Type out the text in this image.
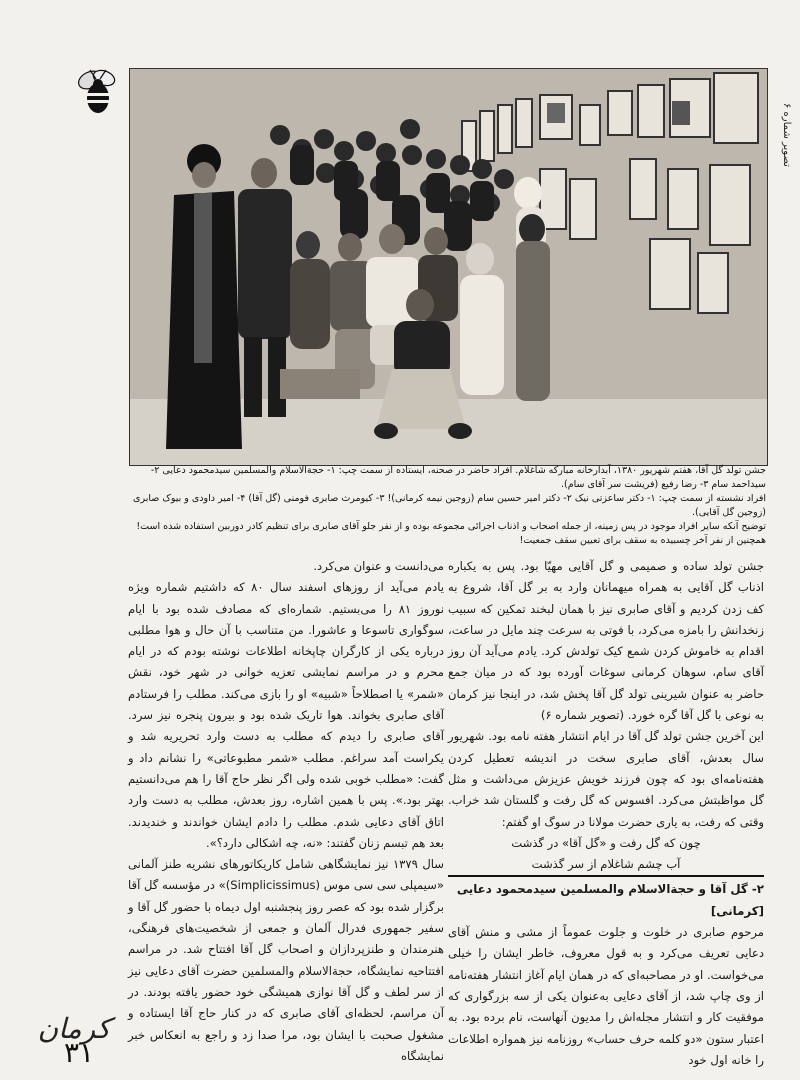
تصویر شماره ۶

جشن تولد گل آقا، هفتم شهریور ۱۳۸۰، آبدارخانه مبارکه شاغلام. افراد حاضر در صحنه، ایستاده از سمت چپ: ۱- حجةالاسلام والمسلمین سیدمحمود دعایی ۲- سیداحمد سام ۳- رضا رفیع (فریشت سر آقای سام).

افراد نشسته از سمت چپ: ۱- دکتر ساعزتی نیک ۲- دکتر امیر حسین سام (زوجین نیمه کرمانی)! ۳- کیومرث صابری فومنی (گل آقا) ۴- امیر داودی و بیوک صابری (زوجین گل آقایی).

توضیح آنکه سایر افراد موجود در پس زمینه، از جمله اصحاب و اذناب اجرائی مجموعه بوده و از نفر جلو آقای صابری برای تنظیم کادر دوربین استفاده شده است! همچنین از نفر آخر چسبیده به سقف برای تعیین سقف جمعیت!

جشن تولد ساده و صمیمی و گل آقایی مهیّا بود. پس به یکباره اذناب گل آقایی به همراه میهمانان وارد به بر گل آقا، شروع به کف زدن کردیم و آقای صابری نیز با همان لبخند تمکین که سبیب زنخدانش را بامزه می‌کرد، با فوتی به سرعت چند مایل در ساعت، اقدام به خاموش کردن شمع کیک تولدش کرد. یادم می‌آید آن روز آقای سام، سوهان کرمانی سوغات آورده بود که در میان جمع حاضر به عنوان شیرینی تولد گل آقا پخش شد، در اینجا نیز کرمان به نوعی با گل آقا گره خورد. (تصویر شماره ۶)

این آخرین جشن تولد گل آقا در ایام انتشار هفته نامه بود. شهریور سال بعدش، آقای صابری سخت در اندیشه تعطیل کردن هفته‌نامه‌ای بود که چون فرزند خویش عزیزش می‌داشت و مثل گل مواظبتش می‌کرد. افسوس که گل رفت و گلستان شد خراب. وقتی که رفت، به یاری حضرت مولانا در سوگ او گفتم:

چون که گل رفت و «گل آقا» در گذشت

آب چشم شاغلام از سر گذشت

۲- گل آقا و حجة‌الاسلام والمسلمین سیدمحمود دعایی [کرمانی]

مرحوم صابری در خلوت و جلوت عموماً از مشی و منش آقای دعایی تعریف می‌کرد و به قول معروف، خاطر ایشان را خیلی می‌خواست. او در مصاحبه‌ای که در همان ایام آغاز انتشار هفته‌نامه از وی چاپ شد، از آقای دعایی به‌عنوان یکی از سه بزرگواری که موفقیت کار و انتشار مجله‌اش را مدیون آنهاست، نام برده بود. به اعتبار ستون «دو کلمه حرف حساب» روزنامه نیز همواره اطلاعات را خانه اول خود

می‌دانست و عنوان می‌کرد.

یادم می‌آید از روزهای اسفند سال ۸۰ که داشتیم شماره ویژه نوروز ۸۱ را می‌بستیم. شماره‌ای که مصادف شده بود با ایام سوگواری تاسوعا و عاشورا. من متناسب با آن حال و هوا مطلبی درباره یکی از کارگران چاپخانه اطلاعات نوشته بودم که در ایام محرم و در مراسم نمایشی تعزیه خوانی در شهر خود، نقش «شمر» یا اصطلاحاً «شبیه» او را بازی می‌کند. مطلب را فرستادم آقای صابری بخواند. هوا تاریک شده بود و بیرون پنجره نیز سرد. آقای صابری را دیدم که مطلب به دست وارد تحریریه شد و یکراست آمد سراغم. مطلب «شمر مطبوعاتی» را نشانم داد و گفت: «مطلب خوبی شده ولی اگر نظر حاج آقا را هم می‌دانستیم بهتر بود.». پس با همین اشاره، روز بعدش، مطلب به دست وارد اتاق آقای دعایی شدم. مطلب را دادم ایشان خواندند و خندیدند. بعد هم تبسم زنان گفتند: «نه، چه اشکالی دارد؟».

سال ۱۳۷۹ نیز نمایشگاهی شامل کاریکاتورهای نشریه طنز آلمانی «سیمپلی سی سی موس (Simplicissimus)» در مؤسسه گل آقا برگزار شده بود که عصر روز پنجشنبه اول دیماه با حضور گل آقا و سفیر جمهوری فدرال آلمان و جمعی از شخصیت‌های فرهنگی، هنرمندان و طنزپردازان و اصحاب گل آقا افتتاح شد. در مراسم افتتاحیه نمایشگاه، حجةالاسلام والمسلمین حضرت آقای دعایی نیز از سر لطف و گل آقا نوازی همیشگی خود حضور یافته بودند. در آن مراسم، لحظه‌ای آقای صابری که در کنار حاج آقا ایستاده و مشغول صحبت با ایشان بود، مرا صدا زد و راجع به انعکاس خبر نمایشگاه

کرمان
۳۱
